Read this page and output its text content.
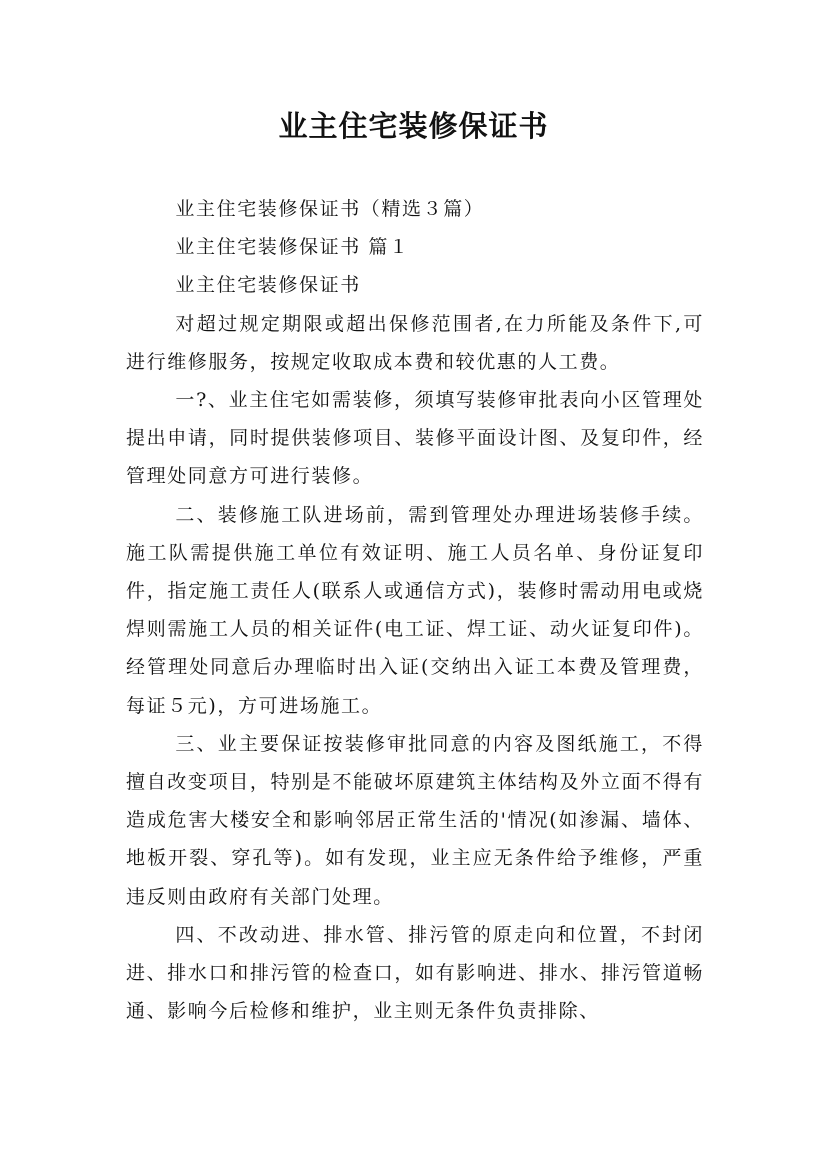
业主住宅装修保证书

业主住宅装修保证书（精选３篇）

业主住宅装修保证书 篇１

业主住宅装修保证书

对超过规定期限或超出保修范围者,在力所能及条件下,可进行维修服务，按规定收取成本费和较优惠的人工费。

一?、业主住宅如需装修，须填写装修审批表向小区管理处提出申请，同时提供装修项目、装修平面设计图、及复印件，经管理处同意方可进行装修。

二、装修施工队进场前，需到管理处办理进场装修手续。施工队需提供施工单位有效证明、施工人员名单、身份证复印件，指定施工责任人(联系人或通信方式)，装修时需动用电或烧焊则需施工人员的相关证件(电工证、焊工证、动火证复印件)。经管理处同意后办理临时出入证(交纳出入证工本费及管理费，每证５元)，方可进场施工。

三、业主要保证按装修审批同意的内容及图纸施工，不得擅自改变项目，特别是不能破坏原建筑主体结构及外立面不得有造成危害大楼安全和影响邻居正常生活的'情况(如渗漏、墙体、地板开裂、穿孔等)。如有发现，业主应无条件给予维修，严重违反则由政府有关部门处理。

四、不改动进、排水管、排污管的原走向和位置，不封闭进、排水口和排污管的检查口，如有影响进、排水、排污管道畅通、影响今后检修和维护，业主则无条件负责排除、
